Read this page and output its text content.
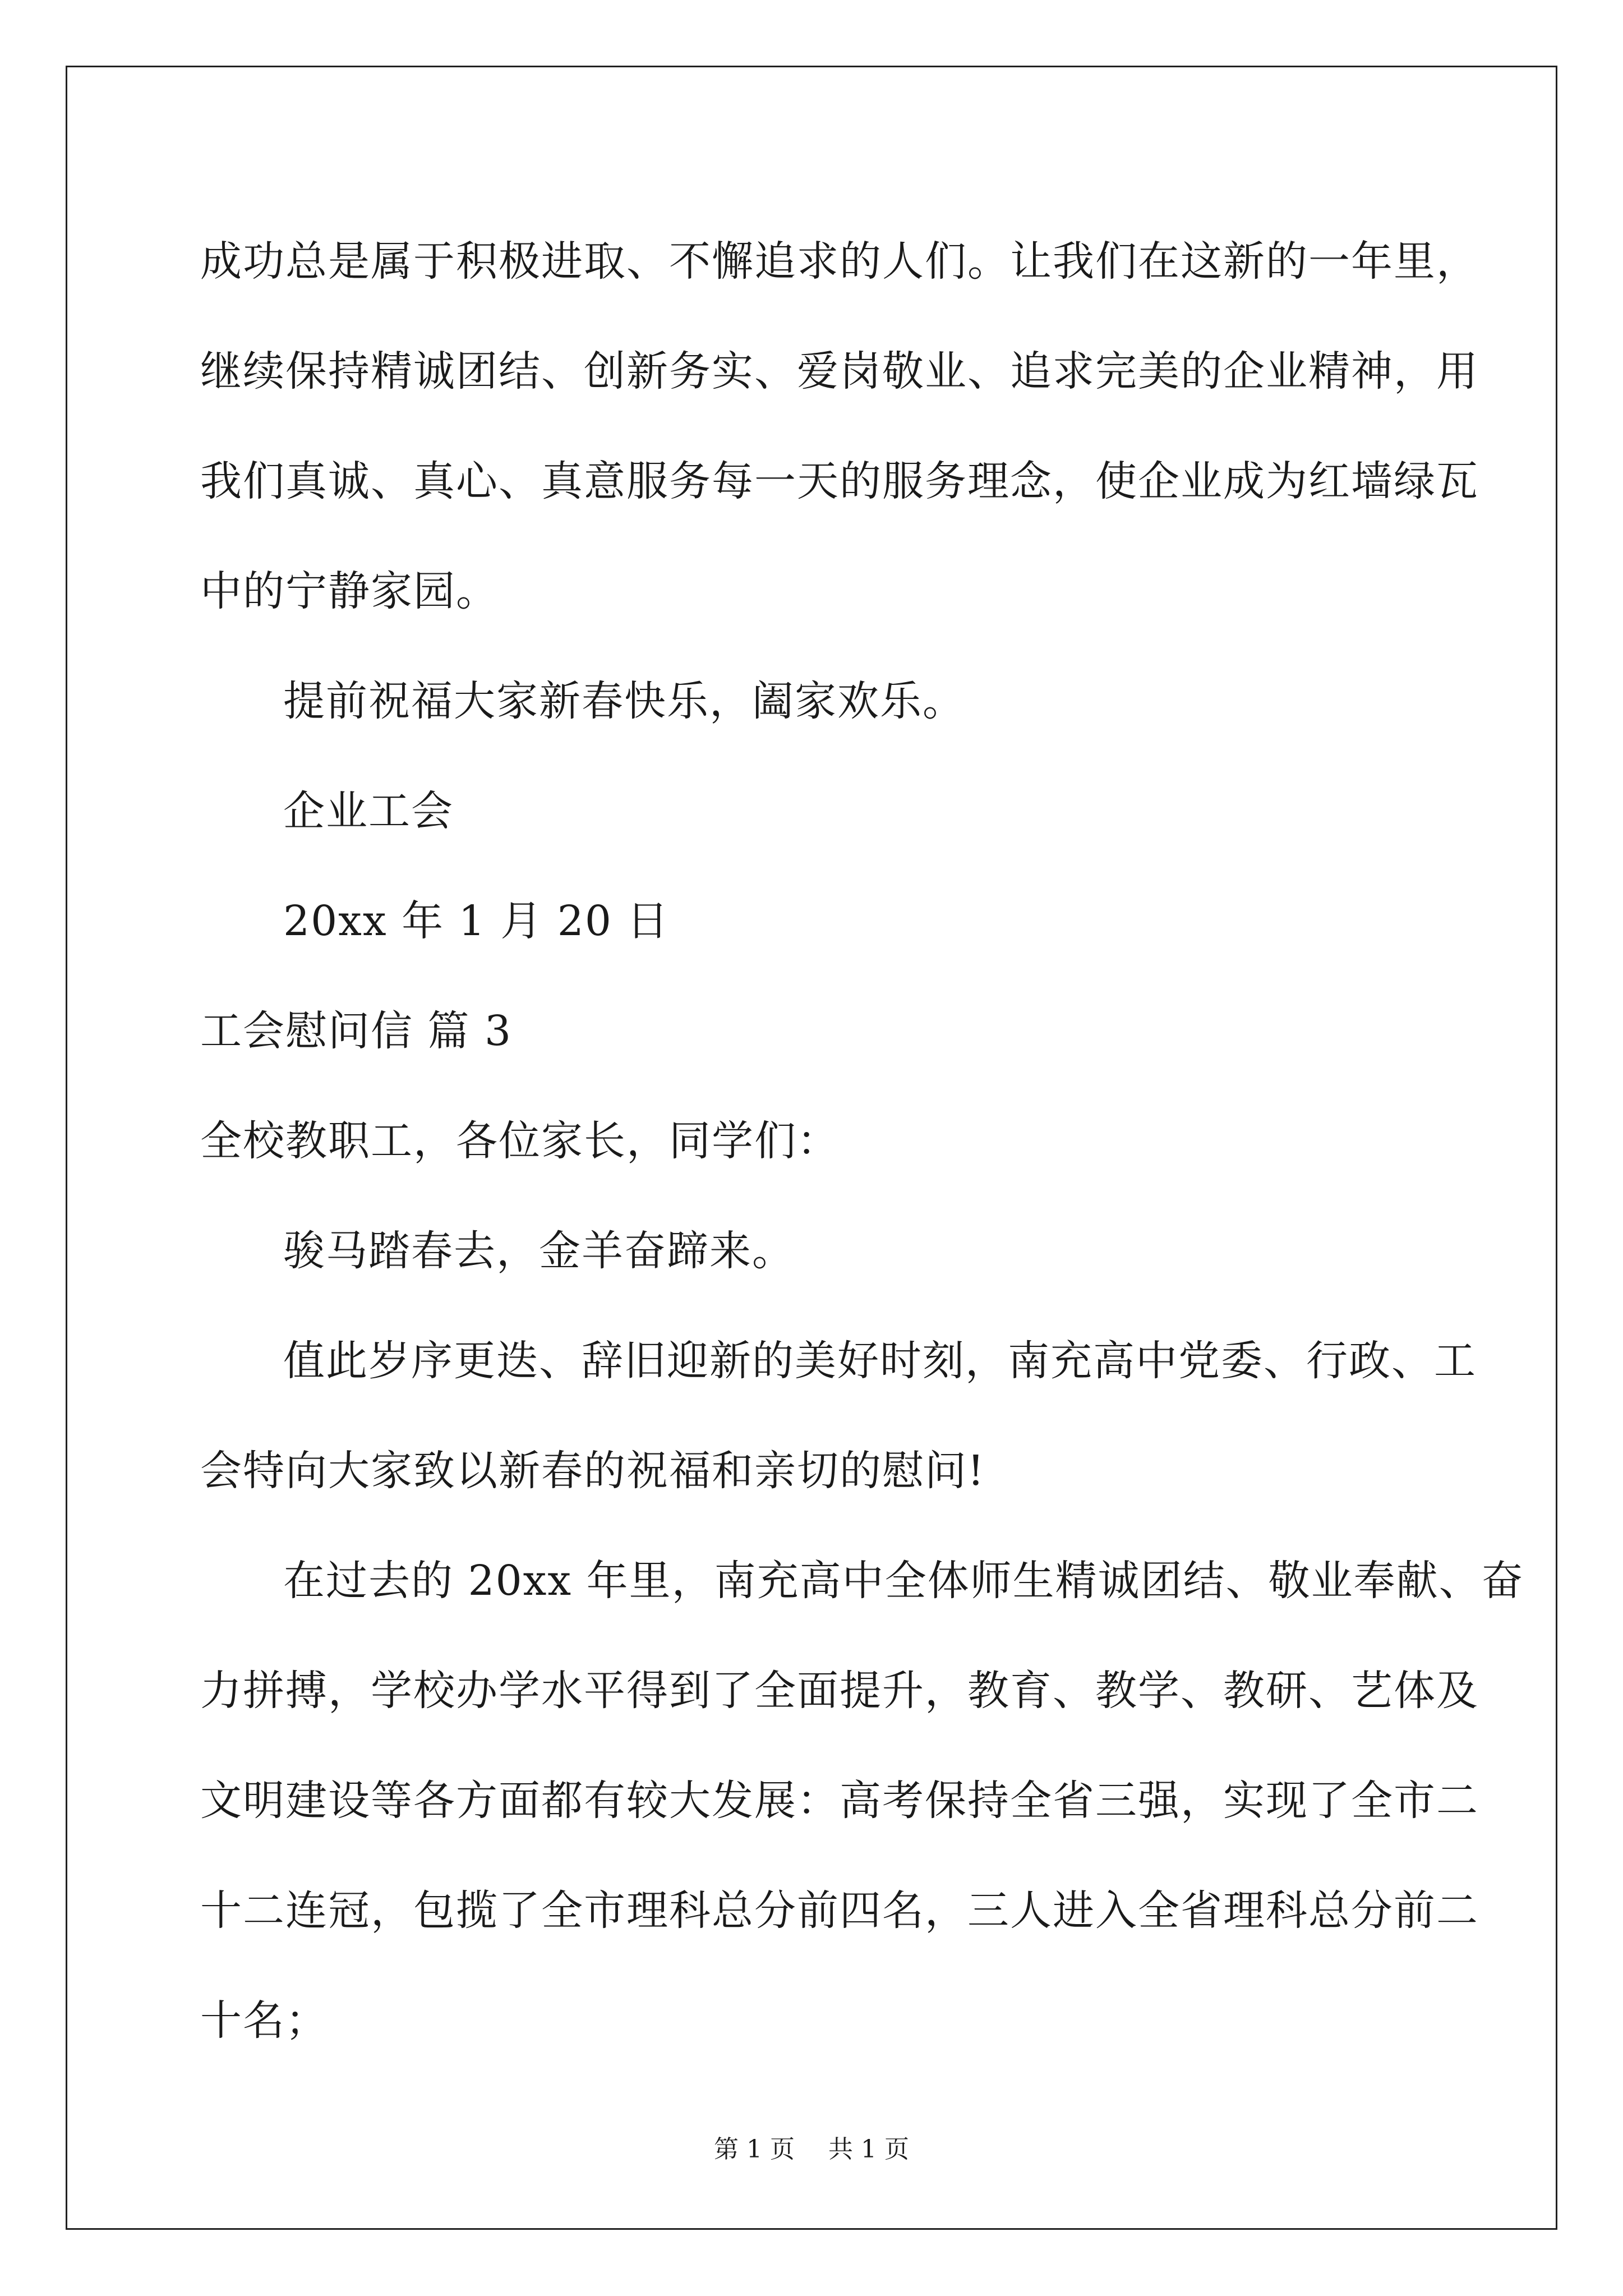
成功总是属于积极进取、不懈追求的人们。让我们在这新的一年里，
继续保持精诚团结、创新务实、爱岗敬业、追求完美的企业精神，用
我们真诚、真心、真意服务每一天的服务理念，使企业成为红墙绿瓦
中的宁静家园。
提前祝福大家新春快乐，阖家欢乐。
企业工会
20xx 年 1 月 20 日
工会慰问信 篇 3
全校教职工，各位家长，同学们：
骏马踏春去，金羊奋蹄来。
值此岁序更迭、辞旧迎新的美好时刻，南充高中党委、行政、工
会特向大家致以新春的祝福和亲切的慰问!
在过去的 20xx 年里，南充高中全体师生精诚团结、敬业奉献、奋
力拼搏，学校办学水平得到了全面提升，教育、教学、教研、艺体及
文明建设等各方面都有较大发展：高考保持全省三强，实现了全市二
十二连冠，包揽了全市理科总分前四名，三人进入全省理科总分前二
十名；
第 1 页 共 1 页
